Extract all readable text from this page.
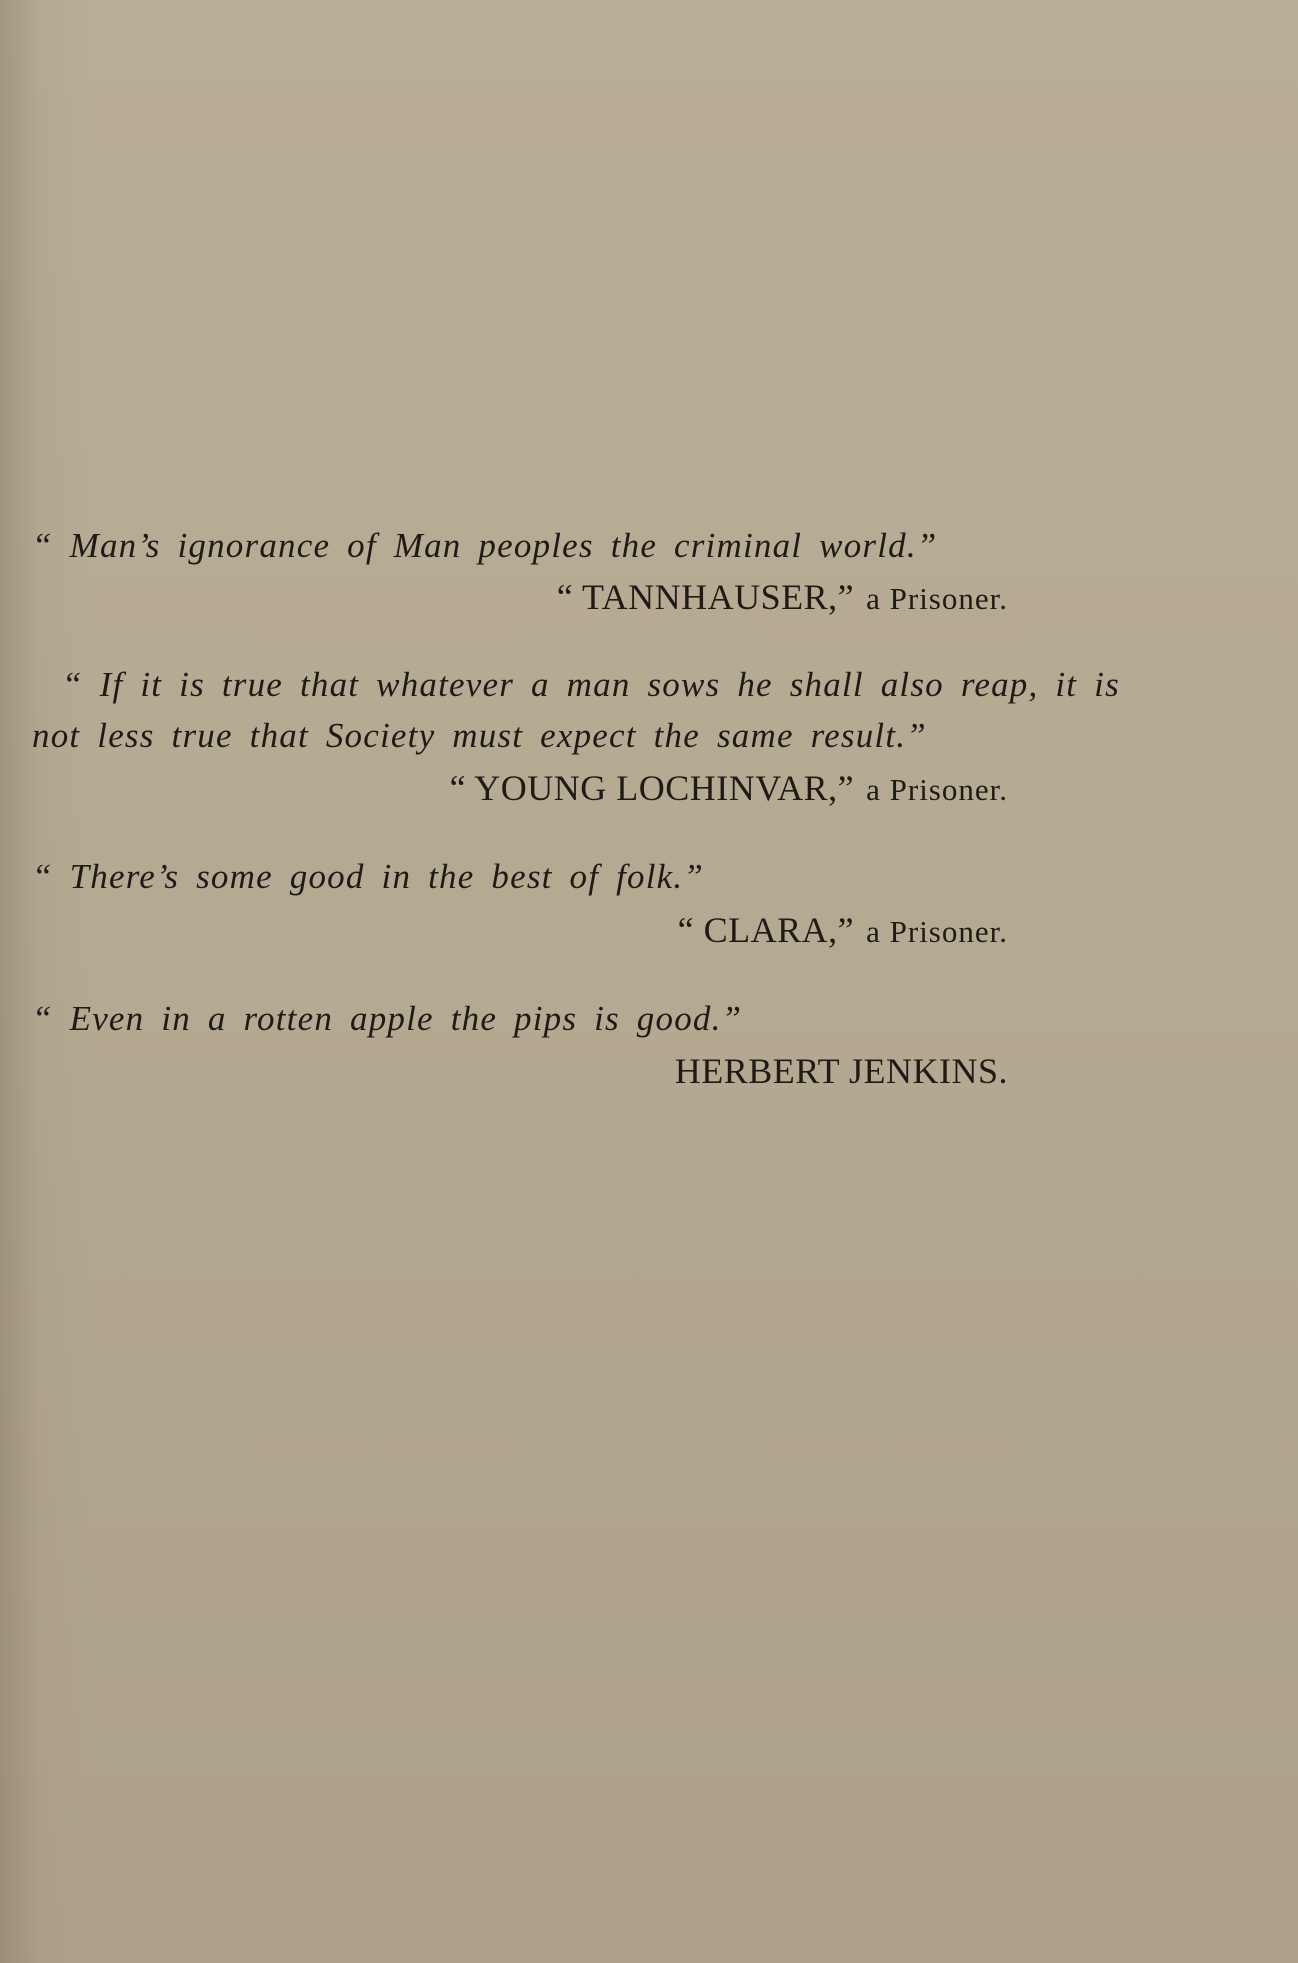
“ Man’s ignorance of Man peoples the criminal world.”

“ TANNHAUSER,” a Prisoner.

“ If it is true that whatever a man sows he shall also reap, it is not less true that Society must expect the same result.”

“ YOUNG LOCHINVAR,” a Prisoner.

“ There’s some good in the best of folk.”

“ CLARA,” a Prisoner.

“ Even in a rotten apple the pips is good.”

HERBERT JENKINS.
